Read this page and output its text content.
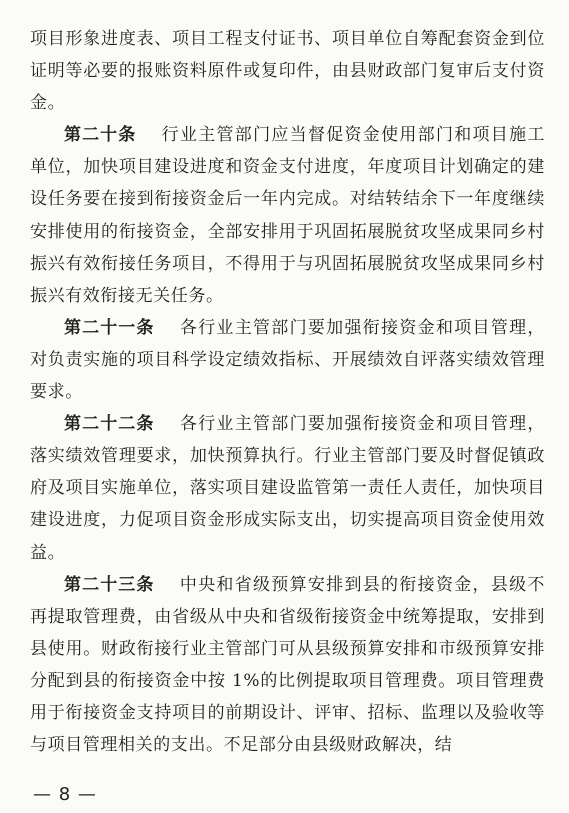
项目形象进度表、项目工程支付证书、项目单位自筹配套资金到位证明等必要的报账资料原件或复印件，由县财政部门复审后支付资金。

第二十条 行业主管部门应当督促资金使用部门和项目施工单位，加快项目建设进度和资金支付进度，年度项目计划确定的建设任务要在接到衔接资金后一年内完成。对结转结余下一年度继续安排使用的衔接资金，全部安排用于巩固拓展脱贫攻坚成果同乡村振兴有效衔接任务项目，不得用于与巩固拓展脱贫攻坚成果同乡村振兴有效衔接无关任务。

第二十一条 各行业主管部门要加强衔接资金和项目管理，对负责实施的项目科学设定绩效指标、开展绩效自评落实绩效管理要求。

第二十二条 各行业主管部门要加强衔接资金和项目管理，落实绩效管理要求，加快预算执行。行业主管部门要及时督促镇政府及项目实施单位，落实项目建设监管第一责任人责任，加快项目建设进度，力促项目资金形成实际支出，切实提高项目资金使用效益。

第二十三条 中央和省级预算安排到县的衔接资金，县级不再提取管理费，由省级从中央和省级衔接资金中统筹提取，安排到县使用。财政衔接行业主管部门可从县级预算安排和市级预算安排分配到县的衔接资金中按 1%的比例提取项目管理费。项目管理费用于衔接资金支持项目的前期设计、评审、招标、监理以及验收等与项目管理相关的支出。不足部分由县级财政解决，结

— 8 —
